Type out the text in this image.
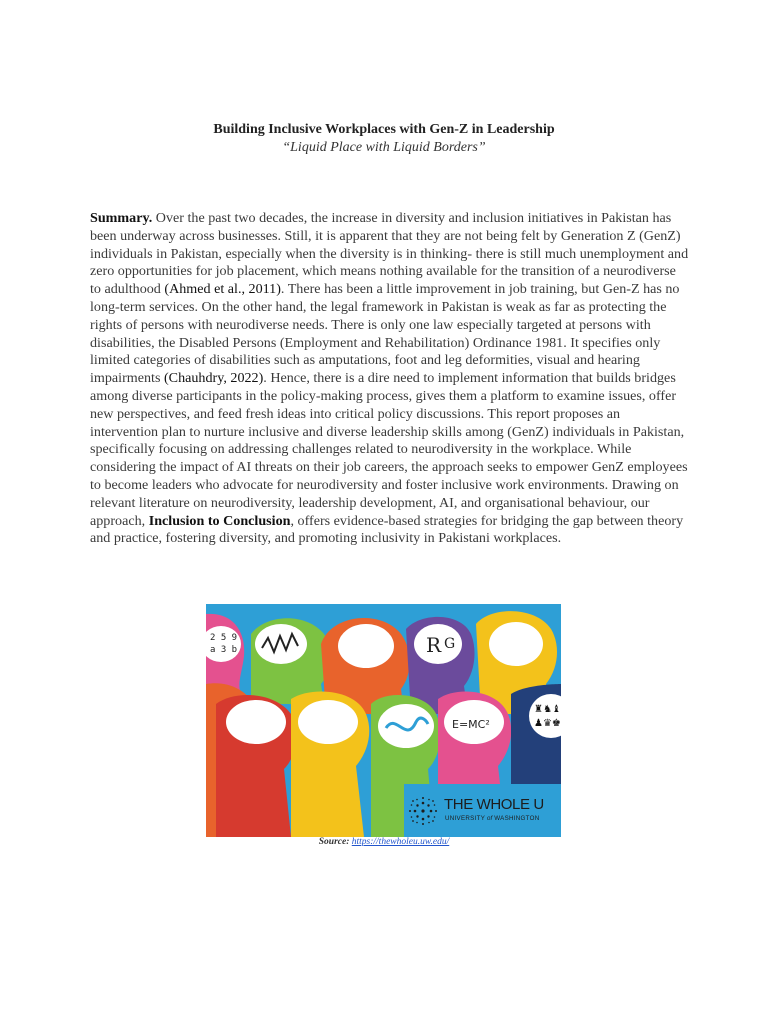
Building Inclusive Workplaces with Gen-Z in Leadership

“Liquid Place with Liquid Borders”

Summary. Over the past two decades, the increase in diversity and inclusion initiatives in Pakistan has been underway across businesses. Still, it is apparent that they are not being felt by Generation Z (GenZ) individuals in Pakistan, especially when the diversity is in thinking- there is still much unemployment and zero opportunities for job placement, which means nothing available for the transition of a neurodiverse to adulthood (Ahmed et al., 2011). There has been a little improvement in job training, but Gen-Z has no long-term services. On the other hand, the legal framework in Pakistan is weak as far as protecting the rights of persons with neurodiverse needs. There is only one law especially targeted at persons with disabilities, the Disabled Persons (Employment and Rehabilitation) Ordinance 1981. It specifies only limited categories of disabilities such as amputations, foot and leg deformities, visual and hearing impairments (Chauhdry, 2022). Hence, there is a dire need to implement information that builds bridges among diverse participants in the policy-making process, gives them a platform to examine issues, offer new perspectives, and feed fresh ideas into critical policy discussions. This report proposes an intervention plan to nurture inclusive and diverse leadership skills among (GenZ) individuals in Pakistan, specifically focusing on addressing challenges related to neurodiversity in the workplace. While considering the impact of AI threats on their job careers, the approach seeks to empower GenZ employees to become leaders who advocate for neurodiversity and foster inclusive work environments. Drawing on relevant literature on neurodiversity, leadership development, AI, and organisational behaviour, our approach, Inclusion to Conclusion, offers evidence-based strategies for bridging the gap between theory and practice, fostering diversity, and promoting inclusivity in Pakistani workplaces.

2 5 9
a 3 b	R G
E=MC²
♜♞♝
♟♛♚
THE WHOLE U
UNIVERSITY of WASHINGTON
Source: https://thewholeu.uw.edu/
